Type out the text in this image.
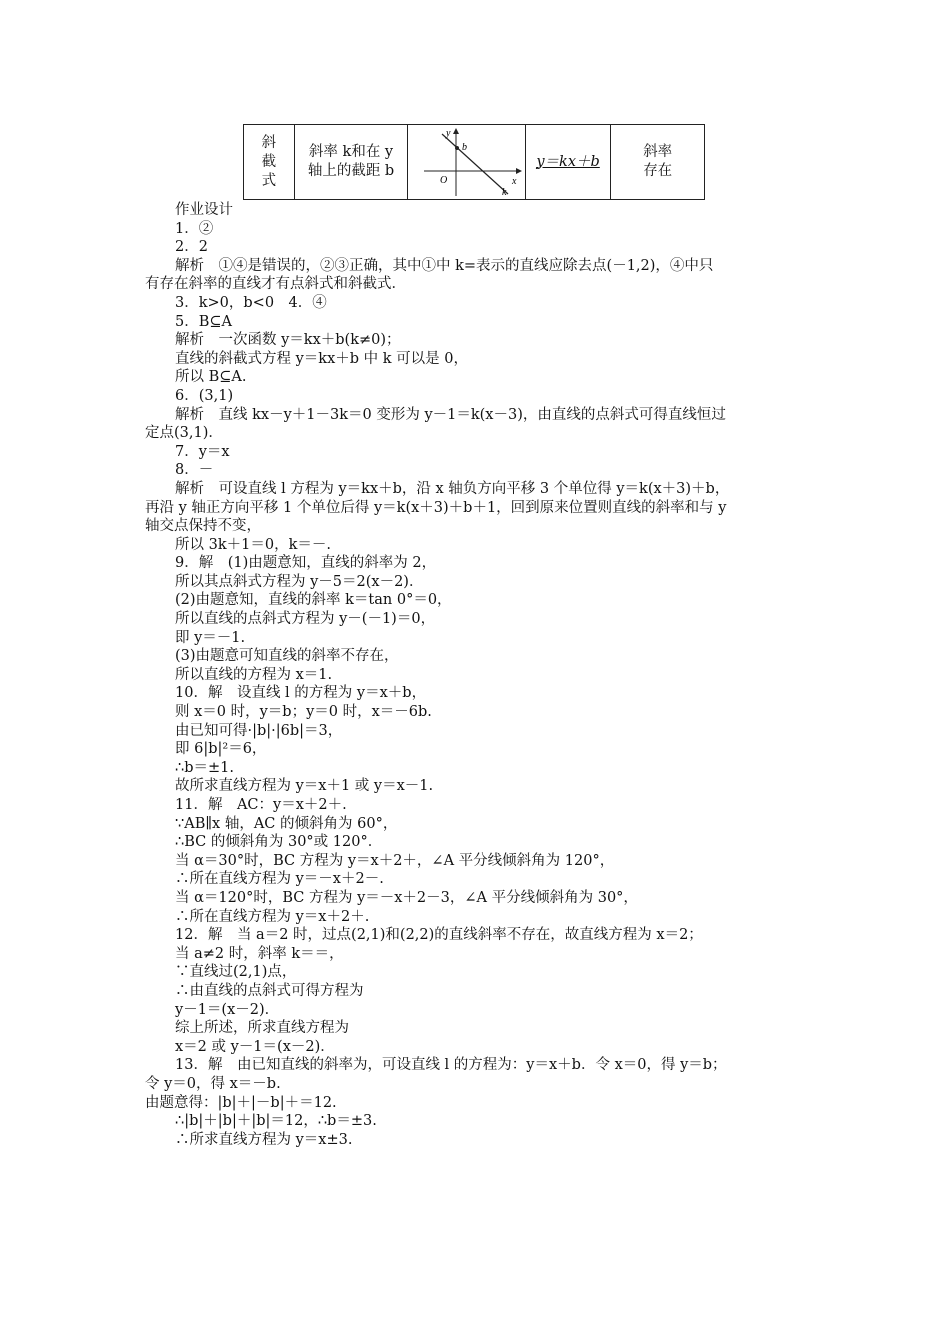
斜截式
斜率 k和在 y 轴上的截距 b
y
b
O	x
k
y＝kx＋b
斜率存在
作业设计
1．②
2．2
解析　①④是错误的，②③正确，其中①中 k=表示的直线应除去点(－1,2)，④中只
有存在斜率的直线才有点斜式和斜截式．
3．k>0，b<0　4．④
5．B⊆A
解析　一次函数 y＝kx＋b(k≠0)；
直线的斜截式方程 y＝kx＋b 中 k 可以是 0，
所以 B⊆A.
6．(3,1)
解析　直线 kx－y＋1－3k＝0 变形为 y－1＝k(x－3)，由直线的点斜式可得直线恒过
定点(3,1)．
7．y＝x
8．－
解析　可设直线 l 方程为 y＝kx＋b，沿 x 轴负方向平移 3 个单位得 y＝k(x＋3)＋b，
再沿 y 轴正方向平移 1 个单位后得 y＝k(x＋3)＋b＋1，回到原来位置则直线的斜率和与 y
轴交点保持不变，
所以 3k＋1＝0，k＝－.
9．解　(1)由题意知，直线的斜率为 2，
所以其点斜式方程为 y－5＝2(x－2)．
(2)由题意知，直线的斜率 k＝tan 0°＝0，
所以直线的点斜式方程为 y－(－1)＝0，
即 y＝－1.
(3)由题意可知直线的斜率不存在，
所以直线的方程为 x＝1.
10．解　设直线 l 的方程为 y＝x＋b，
则 x＝0 时，y＝b；y＝0 时，x＝－6b.
由已知可得·|b|·|6b|＝3，
即 6|b|²＝6，
∴b＝±1.
故所求直线方程为 y＝x＋1 或 y＝x－1.
11．解　AC：y＝x＋2＋.
∵AB∥x 轴，AC 的倾斜角为 60°，
∴BC 的倾斜角为 30°或 120°．
当 α＝30°时，BC 方程为 y＝x＋2＋，∠A 平分线倾斜角为 120°，
∴所在直线方程为 y＝－x＋2－.
当 α＝120°时，BC 方程为 y＝－x＋2－3，∠A 平分线倾斜角为 30°，
∴所在直线方程为 y＝x＋2＋.
12．解　当 a＝2 时，过点(2,1)和(2,2)的直线斜率不存在，故直线方程为 x＝2；
当 a≠2 时，斜率 k＝＝，
∵直线过(2,1)点，
∴由直线的点斜式可得方程为
y－1＝(x－2)．
综上所述，所求直线方程为
x＝2 或 y－1＝(x－2)．
13．解　由已知直线的斜率为，可设直线 l 的方程为：y＝x＋b．令 x＝0，得 y＝b；
令 y＝0，得 x＝－b.
由题意得：|b|＋|－b|＋＝12.
∴|b|＋|b|＋|b|＝12，∴b＝±3.
∴所求直线方程为 y＝x±3.
